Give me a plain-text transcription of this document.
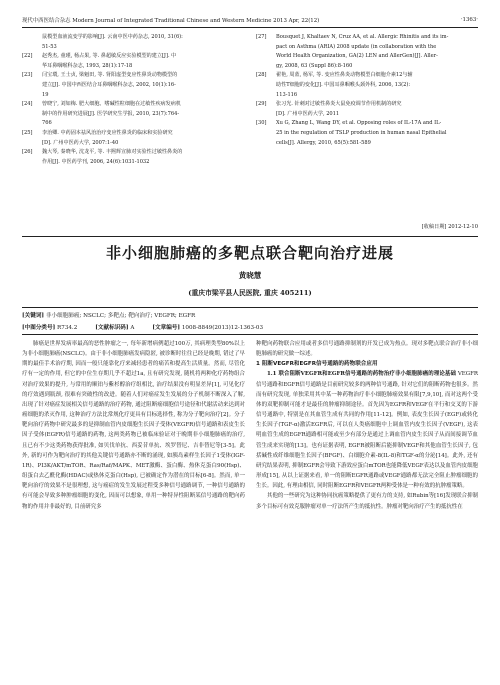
现代中西医结合杂志 Modern Journal of Integrated Traditional Chinese and Western Medicine 2013 Apr, 22(12)	·1363·
鼠模型血液流变学的影响[J]. 云南中医中药杂志, 2010, 31(6):
51-53
[22]	赵秀杰, 童瑾, 杨占果, 等. 鼻超敏反应实验模型的建立[J]. 中
华耳鼻咽喉科杂志, 1993, 28(1):17-18
[23]	闫宝環, 王士贞, 梁魁田, 等. 肾阳虚型变应性鼻炎动物模型的
建立[J]. 中国中西医结合耳鼻咽喉科杂志, 2002, 10(1):16-
19
[24]	曾晓宁, 刘如梅. 肥大细胞、嗜碱性粒细胞在过敏性疾病发病机
制中的作用研究进展[J]. 医学研究生学报, 2010, 23(7):764-
766
[25]	李治卿. 中药固本祛风治治疗变应性鼻炎的临床和实验研究
[D]. 广州中医药大学, 2007:1-40
[26]	魏大琴, 秦晓华, 沈龙平, 等. 丰熙辉宣肺对实验性过敏性鼻炎的
作用[J]. 中医药学刊, 2006, 24(6):1031-1032
[27]	Bousquet J, Khaltaev N, Cruz AA, et al. Allergic Rhinitis and its im-
pact on Asthma (ARIA) 2008 update (in collaboration with the
World Health Organization, GA(2) LEN and AllerGen)[J]. Aller-
gy, 2008, 63 (Suppl 86):8-160
[28]	翟艳, 周蓝, 杨军, 等. 变应性鼻炎动物模型白细胞介素12与辅
助性T细胞的变化[J]. 中国耳鼻咽喉头颈外科, 2006, 13(2):
113-116
[29]	张习光. 针刺对过敏性鼻炎大鼠免疫调节作用机制的研究
[D]. 广州中医药大学, 2011
[30]	Xu G, Zhang L, Wang DY, et al. Opposing roles of IL-17A and IL-
25 in the regulation of TSLP production in human nasal Epithelial
cells[J]. Allergy, 2010, 65(5):581-589
[收稿日期] 2012-12-10
非小细胞肺癌的多靶点联合靶向治疗进展
黄晓慧
(重庆市梁平县人民医院, 重庆 405211)
[关键词] 非小细胞肺癌; NSCLC; 多靶点; 靶向治疗; VEGFR; EGFR
[中图分类号] R734.2	[文献标识码] A	[文章编号] 1008-8849(2013)12-1363-03

肺癌是世界发病率最高的恶性肿瘤之一, 每年新增病例超过100万, 其病理类型80%以上为非小细胞肺癌(NSCLC)。由于非小细胞肺癌发病隐匿, 被诊断时往往已经是晚期, 错过了早期的最佳手术治疗期, 因而一般只能靠化疗来减轻患者的痛苦和提高生活质量。然而, 尽管化疗有一定的作用, 但它的中位生存期几乎不超过1a, 且有研究发现, 随机将两种化疗药物组合对治疗效果的提升, 与常用的顺铂与紫杉醇治疗组相比, 治疗结果没有明显差异[1], 可见化疗的疗效遇到瓶颈, 很难有突破性的改进。随着人们对癌症发生发展的分子机制不断深入了解, 出现了针对癌症发展相关信号通路的治疗药物, 通过阻断癌细胞信号途径和代谢活动来达到对癌细胞的杀灭作用, 这种治疗方法比常规化疗更具有目标选择性, 称为分子靶向治疗[2]。分子靶向治疗药物中研究最多的是抑制血管内皮细胞生长因子受体(VEGFR)信号通路和表皮生长因子受体(EGFR)信号通路的药物, 这两类药物已被临床验证对于晚期非小细胞肺癌的治疗, 且已有不少这类药物获得批准, 如贝伐单抗、西妥昔单抗、埃罗替尼、吉非替尼等[3-5]。此外, 新的可作为靶向治疗的其他关键信号通路亦不断的涌现, 如胰岛素样生长因子1受体(IGF-1R)、PI3K/AKT/mTOR、Ras/Raf/MAPK、MET激酶、蛋白酶、热休克蛋白90(Hsp)、组蛋白去乙酰化酶(HDAC)或热休克蛋白(Hsp), 已被确定作为潜在的目标[6-8]。然而, 单一靶向治疗的效果不是很理想, 这与癌症的发生发展过程受多种信号通路调节, 一种信号通路的有可能会导致多种肿瘤细胞的变化, 因而可以想象, 单用一种特异性阻断某信号通路的靶向药物的作用并非最好的, 目前研究多

种靶向药物联合应用或者多信号通路抑制剂的开发已成为热点。现对多靶点联合治疗非小细胞肺癌的研究做一综述。

1 阻断VEGFR和EGFR信号通路的药物联合应用

1.1 联合阻断VEGFR和EGFR信号通路的药物治疗非小细胞肺癌的理论基础 VEGFR信号通路和EGFR信号通路是目前研究较多的两种信号通路, 针对它们的阻断药物也很多。然而有研究发现, 单独采用其中某一种药物治疗非小细胞肺癌效果有限[7,9,10], 而对这两个受体的双靶抑制可能才是最佳的肿瘤抑制途径。首先因为EGFR和VEGF在平行和交叉的下游信号通路中, 特别是在其血管生成有共同的作用[11-12]。例如, 表皮生长因子(EGF)或转化生长因子(TGF-α)激活EGFR后, 可以在人类癌细胞中上调血管内皮生长因子(VEGF), 这表明血管生成的EGFR通路相可能或至少有部分是通过上调血管内皮生长因子从而间接调节血管生成来实现的[13]。也有证据表明, EGFR被阻断后能抑制VEGF和其他血管生长因子, 包括碱性成纤维细胞生长因子(BFGF)、白细胞介素-8(IL-8)和TGF-α的分泌[14]。此外, 还有研究结果表明, 抑制EGFR会导致下游效应蛋白mTOR也能降低VEGF表达以及血管内皮细胞形成[15], 从以上证据来看, 单一的阻断EGFR通路或VEGF通路都无法完全阻止肿瘤细胞的生长。因此, 有理由相信, 同时阻断EGFR和VEGFR两种受体是一种有效的抗肿瘤策略。

其他的一些研究为这种协同抗癌策略提供了更有力的支持, 如Rubin等[16]发现联合抑制多个目标可有效克服肿瘤对单一疗法所产生的抵抗性。肿瘤对靶向治疗产生的抵抗性在
